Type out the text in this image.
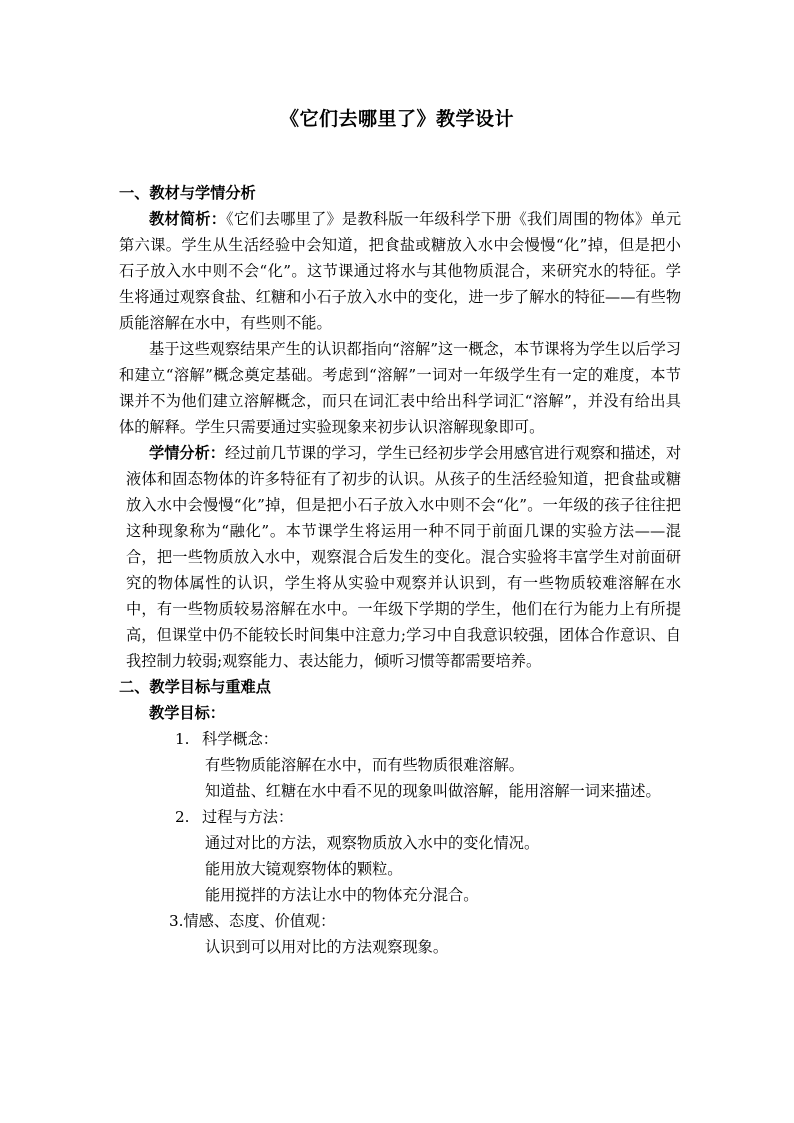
《它们去哪里了》教学设计

一、教材与学情分析

教材简析：《它们去哪里了》是教科版一年级科学下册《我们周围的物体》单元第六课。学生从生活经验中会知道，把食盐或糖放入水中会慢慢“化”掉，但是把小石子放入水中则不会“化”。这节课通过将水与其他物质混合，来研究水的特征。学生将通过观察食盐、红糖和小石子放入水中的变化，进一步了解水的特征——有些物质能溶解在水中，有些则不能。

基于这些观察结果产生的认识都指向“溶解”这一概念，本节课将为学生以后学习和建立“溶解”概念奠定基础。考虑到“溶解”一词对一年级学生有一定的难度，本节课并不为他们建立溶解概念，而只在词汇表中给出科学词汇“溶解”，并没有给出具体的解释。学生只需要通过实验现象来初步认识溶解现象即可。

学情分析：经过前几节课的学习，学生已经初步学会用感官进行观察和描述，对液体和固态物体的许多特征有了初步的认识。从孩子的生活经验知道，把食盐或糖放入水中会慢慢“化”掉，但是把小石子放入水中则不会“化”。一年级的孩子往往把这种现象称为“融化”。本节课学生将运用一种不同于前面几课的实验方法——混合，把一些物质放入水中，观察混合后发生的变化。混合实验将丰富学生对前面研究的物体属性的认识，学生将从实验中观察并认识到，有一些物质较难溶解在水中，有一些物质较易溶解在水中。一年级下学期的学生，他们在行为能力上有所提高，但课堂中仍不能较长时间集中注意力;学习中自我意识较强，团体合作意识、自我控制力较弱;观察能力、表达能力，倾听习惯等都需要培养。

二、教学目标与重难点

教学目标：

1. 科学概念：

有些物质能溶解在水中，而有些物质很难溶解。

知道盐、红糖在水中看不见的现象叫做溶解，能用溶解一词来描述。

2. 过程与方法：

通过对比的方法，观察物质放入水中的变化情况。

能用放大镜观察物体的颗粒。

能用搅拌的方法让水中的物体充分混合。

3.情感、态度、价值观：

认识到可以用对比的方法观察现象。
